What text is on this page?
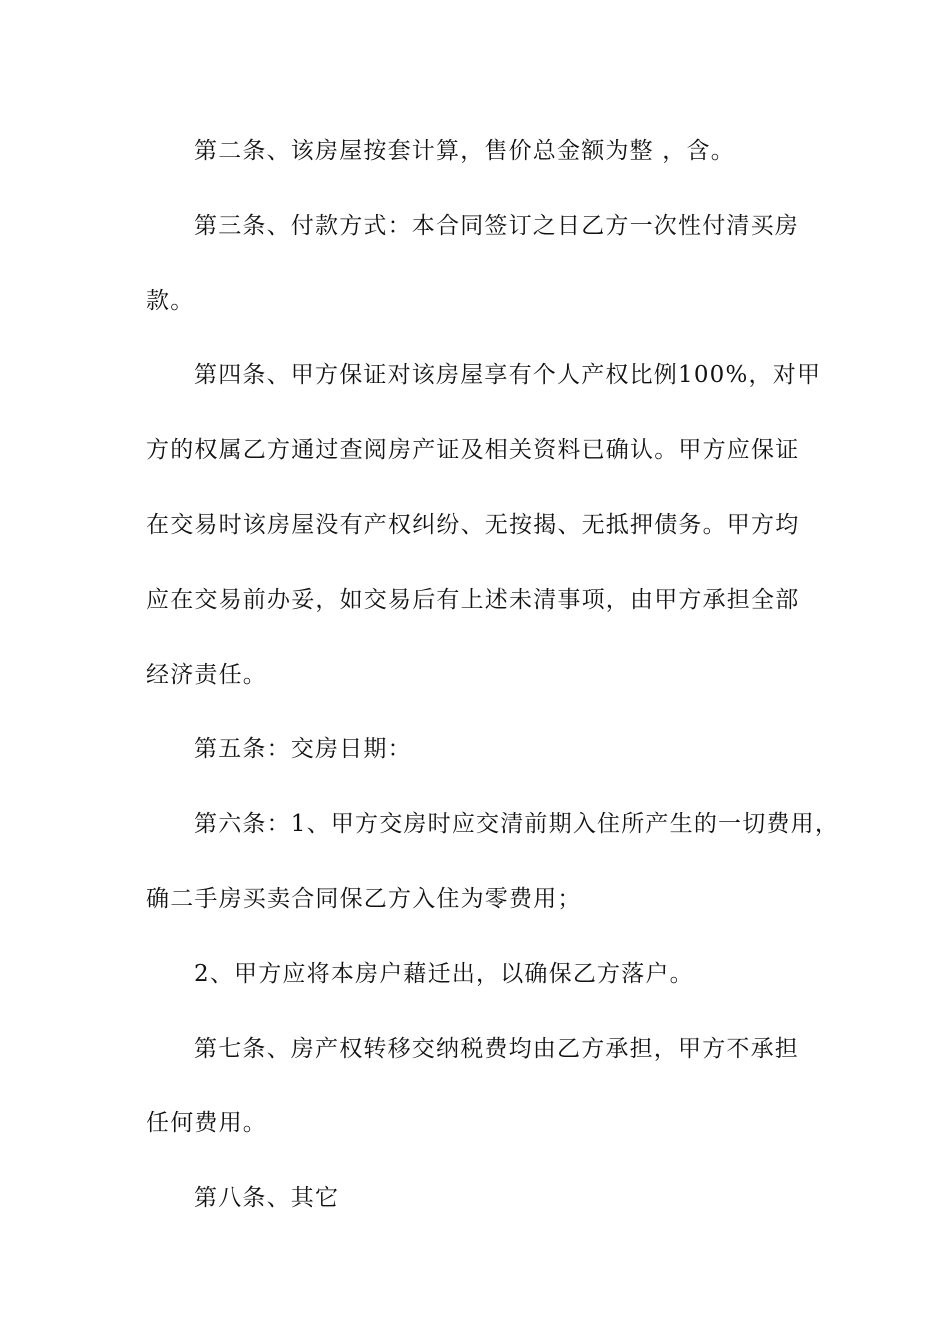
第二条、该房屋按套计算，售价总金额为整 ，含。
第三条、付款方式：本合同签订之日乙方一次性付清买房
款。
第四条、甲方保证对该房屋享有个人产权比例100%，对甲
方的权属乙方通过查阅房产证及相关资料已确认。甲方应保证
在交易时该房屋没有产权纠纷、无按揭、无抵押债务。甲方均
应在交易前办妥，如交易后有上述未清事项，由甲方承担全部
经济责任。
第五条：交房日期：
第六条：1、甲方交房时应交清前期入住所产生的一切费用，
确二手房买卖合同保乙方入住为零费用；
2、甲方应将本房户藉迁出，以确保乙方落户。
第七条、房产权转移交纳税费均由乙方承担，甲方不承担
任何费用。
第八条、其它
